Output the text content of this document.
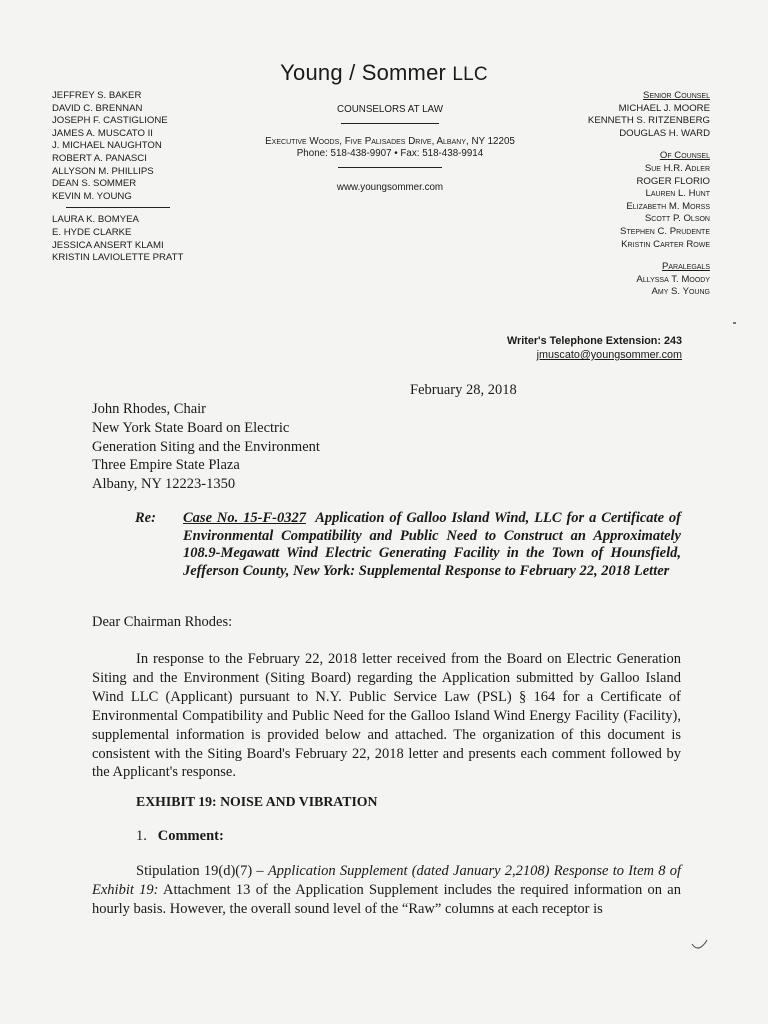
Young / Sommer LLC
JEFFREY S. BAKER
DAVID C. BRENNAN
JOSEPH F. CASTIGLIONE
JAMES A. MUSCATO II
J. MICHAEL NAUGHTON
ROBERT A. PANASCI
ALLYSON M. PHILLIPS
DEAN S. SOMMER
KEVIN M. YOUNG
LAURA K. BOMYEA
E. HYDE CLARKE
JESSICA ANSERT KLAMI
KRISTIN LAVIOLETTE PRATT
COUNSELORS AT LAW
Executive Woods, Five Palisades Drive, Albany, NY 12205
Phone: 518-438-9907 • Fax: 518-438-9914
www.youngsommer.com
Senior Counsel
MICHAEL J. MOORE
KENNETH S. RITZENBERG
DOUGLAS H. WARD
Of Counsel
Sue H.R. Adler
ROGER FLORIO
Lauren L. Hunt
Elizabeth M. Morss
Scott P. Olson
Stephen C. Prudente
Kristin Carter Rowe
Paralegals
Allyssa T. Moody
Amy S. Young
Writer's Telephone Extension: 243
jmuscato@youngsommer.com
February 28, 2018
John Rhodes, Chair
New York State Board on Electric
Generation Siting and the Environment
Three Empire State Plaza
Albany, NY 12223-1350
Re: Case No. 15-F-0327 Application of Galloo Island Wind, LLC for a Certificate of Environmental Compatibility and Public Need to Construct an Approximately 108.9-Megawatt Wind Electric Generating Facility in the Town of Hounsfield, Jefferson County, New York: Supplemental Response to February 22, 2018 Letter
Dear Chairman Rhodes:
In response to the February 22, 2018 letter received from the Board on Electric Generation Siting and the Environment (Siting Board) regarding the Application submitted by Galloo Island Wind LLC (Applicant) pursuant to N.Y. Public Service Law (PSL) § 164 for a Certificate of Environmental Compatibility and Public Need for the Galloo Island Wind Energy Facility (Facility), supplemental information is provided below and attached. The organization of this document is consistent with the Siting Board's February 22, 2018 letter and presents each comment followed by the Applicant's response.
EXHIBIT 19: NOISE AND VIBRATION
1. Comment:
Stipulation 19(d)(7) – Application Supplement (dated January 2,2108) Response to Item 8 of Exhibit 19: Attachment 13 of the Application Supplement includes the required information on an hourly basis. However, the overall sound level of the “Raw” columns at each receptor is
